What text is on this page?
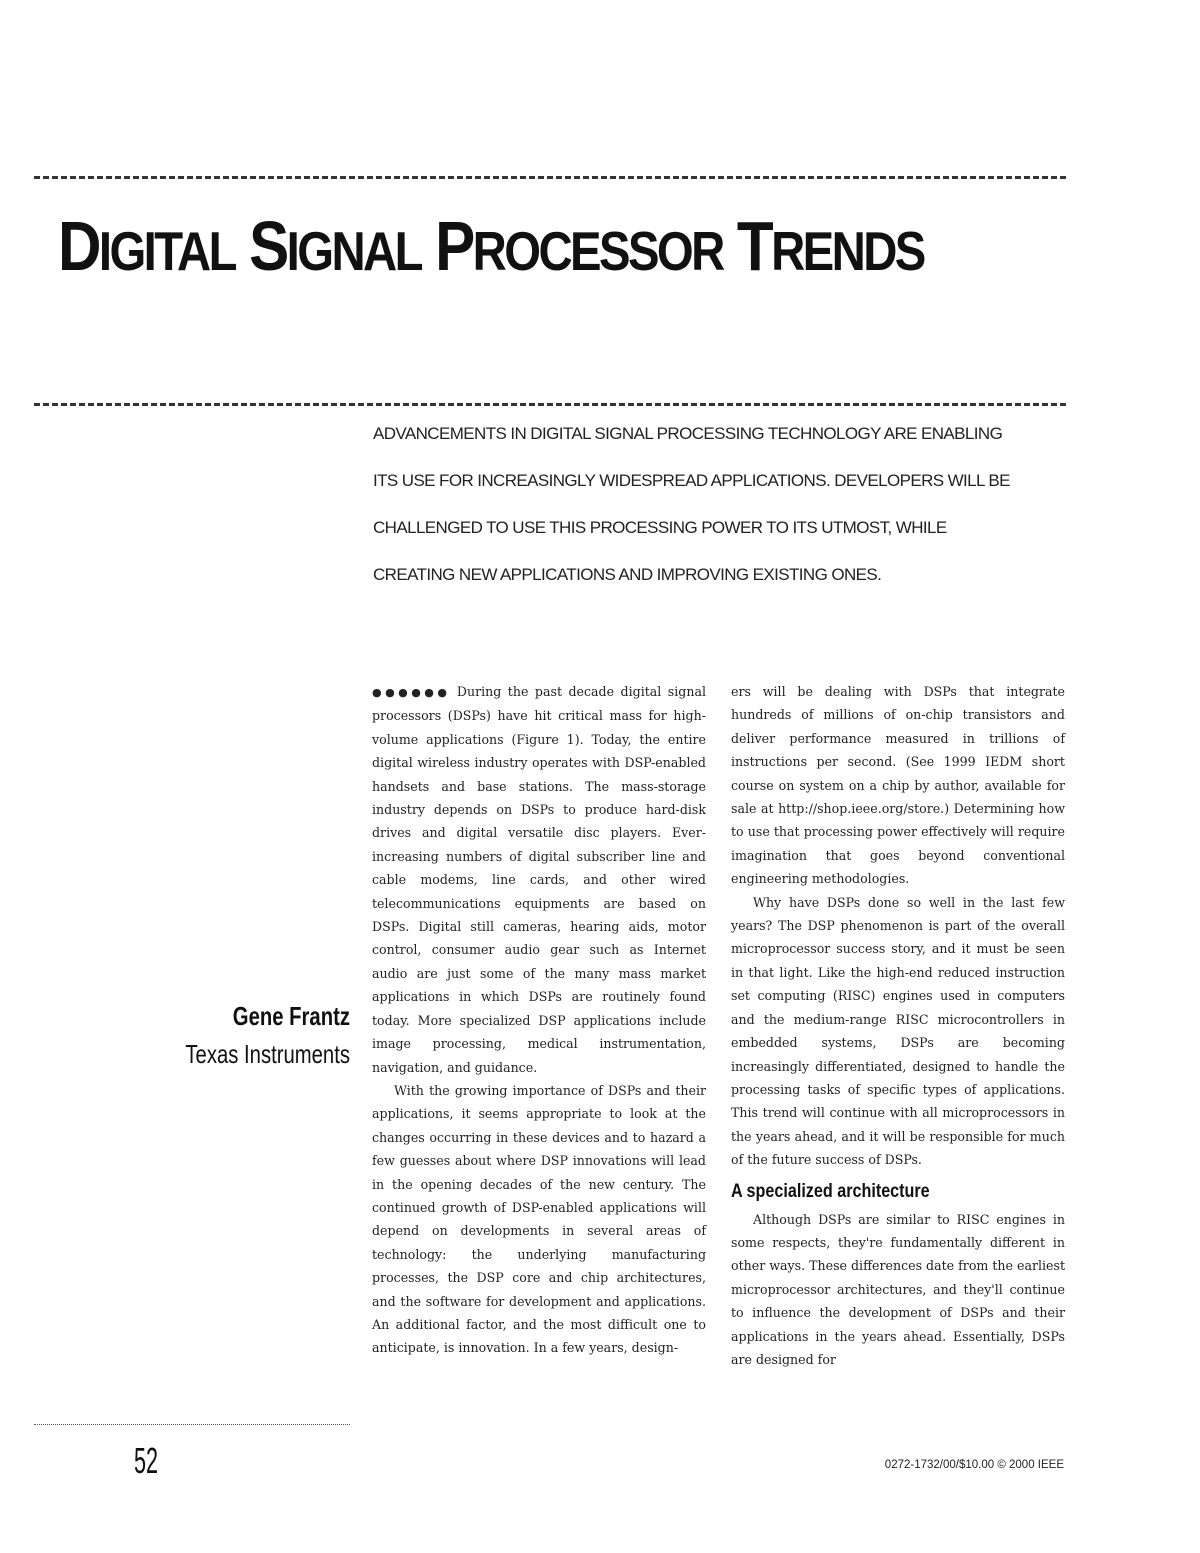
DIGITAL SIGNAL PROCESSOR TRENDS
ADVANCEMENTS IN DIGITAL SIGNAL PROCESSING TECHNOLOGY ARE ENABLING
ITS USE FOR INCREASINGLY WIDESPREAD APPLICATIONS. DEVELOPERS WILL BE
CHALLENGED TO USE THIS PROCESSING POWER TO ITS UTMOST, WHILE
CREATING NEW APPLICATIONS AND IMPROVING EXISTING ONES.
Gene Frantz
Texas Instruments

●●●●●● During the past decade digital signal processors (DSPs) have hit critical mass for high-volume applications (Figure 1). Today, the entire digital wireless industry operates with DSP-enabled handsets and base stations. The mass-storage industry depends on DSPs to produce hard-disk drives and digital versatile disc players. Ever-increasing numbers of digital subscriber line and cable modems, line cards, and other wired telecommunications equipments are based on DSPs. Digital still cameras, hearing aids, motor control, consumer audio gear such as Internet audio are just some of the many mass market applications in which DSPs are routinely found today. More specialized DSP applications include image processing, medical instrumentation, navigation, and guidance.

With the growing importance of DSPs and their applications, it seems appropriate to look at the changes occurring in these devices and to hazard a few guesses about where DSP innovations will lead in the opening decades of the new century. The continued growth of DSP-enabled applications will depend on developments in several areas of technology: the underlying manufacturing processes, the DSP core and chip architectures, and the software for development and applications. An additional factor, and the most difficult one to anticipate, is innovation. In a few years, design-

ers will be dealing with DSPs that integrate hundreds of millions of on-chip transistors and deliver performance measured in trillions of instructions per second. (See 1999 IEDM short course on system on a chip by author, available for sale at http://shop.ieee.org/store.) Determining how to use that processing power effectively will require imagination that goes beyond conventional engineering methodologies.

Why have DSPs done so well in the last few years? The DSP phenomenon is part of the overall microprocessor success story, and it must be seen in that light. Like the high-end reduced instruction set computing (RISC) engines used in computers and the medium-range RISC microcontrollers in embedded systems, DSPs are becoming increasingly differentiated, designed to handle the processing tasks of specific types of applications. This trend will continue with all microprocessors in the years ahead, and it will be responsible for much of the future success of DSPs.

A specialized architecture

Although DSPs are similar to RISC engines in some respects, they're fundamentally different in other ways. These differences date from the earliest microprocessor architectures, and they'll continue to influence the development of DSPs and their applications in the years ahead. Essentially, DSPs are designed for

52	0272-1732/00/$10.00 © 2000 IEEE
